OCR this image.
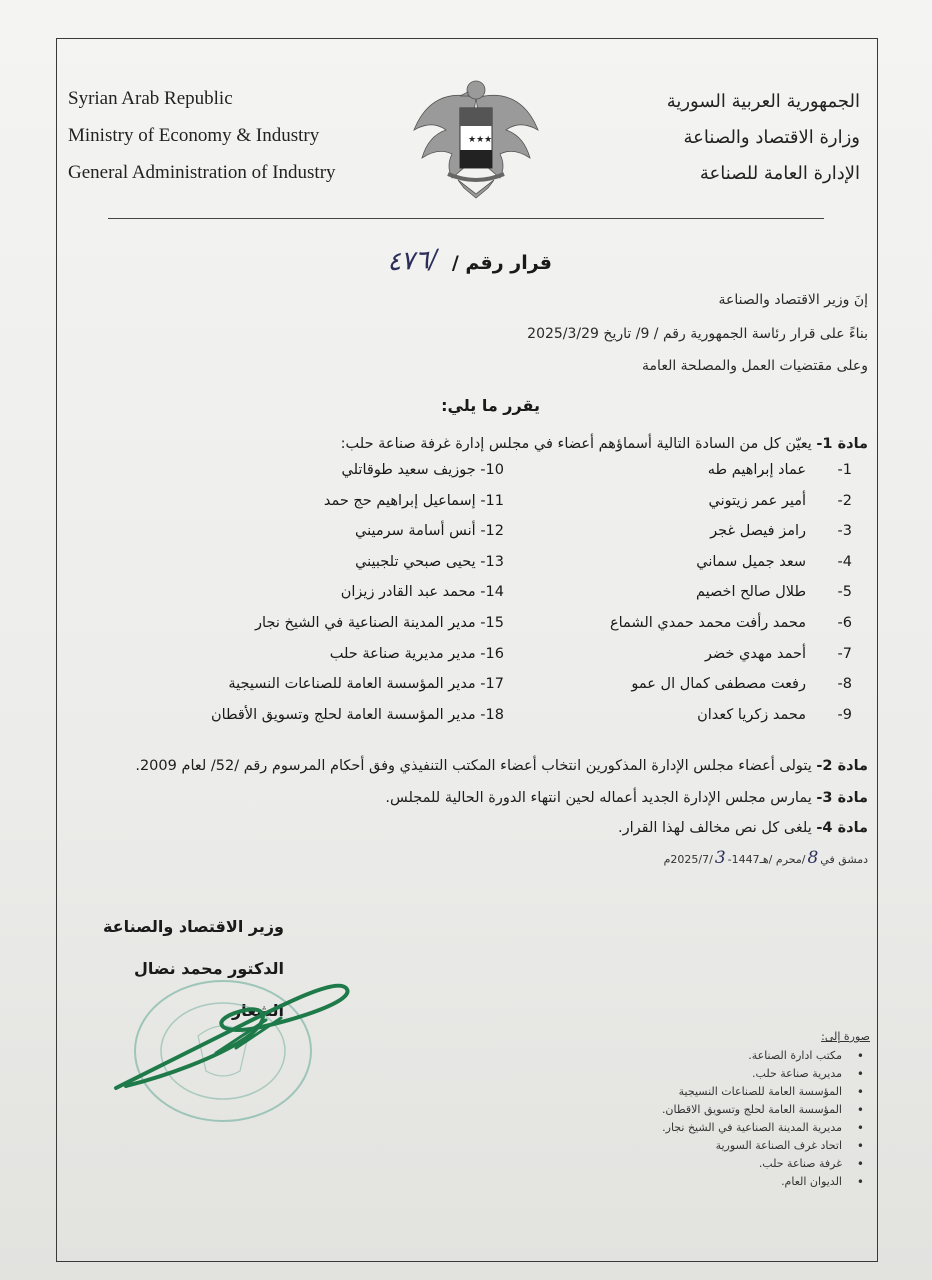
Syrian Arab Republic
Ministry of Economy & Industry
General Administration of Industry
★★★
الجمهورية العربية السورية
وزارة الاقتصاد والصناعة
الإدارة العامة للصناعة
قرار رقم /
/٤٧٦
إنَ وزير الاقتصاد والصناعة
بناءً على قرار رئاسة الجمهورية رقم / 9/ تاريخ 2025/3/29
وعلى مقتضيات العمل والمصلحة العامة
يقرر ما يلي:
مادة 1- يعيّن كل من السادة التالية أسماؤهم أعضاء في مجلس إدارة غرفة صناعة حلب:
1-
عماد إبراهيم طه
2-
أمير عمر زيتوني
3-
رامز فيصل غجر
4-
سعد جميل سماني
5-
طلال صالح اخصيم
6-
محمد رأفت محمد حمدي الشماع
7-
أحمد مهدي خضر
8-
رفعت مصطفى كمال ال عمو
9-
محمد زكريا كعدان
10- جوزيف سعيد طوقاتلي
11- إسماعيل إبراهيم حج حمد
12- أنس أسامة سرميني
13- يحيى صبحي تلجبيني
14- محمد عبد القادر زيزان
15- مدير المدينة الصناعية في الشيخ نجار
16- مدير مديرية صناعة حلب
17- مدير المؤسسة العامة للصناعات النسيجية
18- مدير المؤسسة العامة لحلج وتسويق الأقطان
مادة 2- يتولى أعضاء مجلس الإدارة المذكورين انتخاب أعضاء المكتب التنفيذي وفق أحكام المرسوم رقم /52/ لعام 2009.
مادة 3- يمارس مجلس الإدارة الجديد أعماله لحين انتهاء الدورة الحالية للمجلس.
مادة 4- يلغى كل نص مخالف لهذا القرار.
دمشق في
8
/محرم /هـ1447-
3
/2025/7م
وزير الاقتصاد والصناعة
الدكتور محمد نضال الشعار
صورة إلى:
• مكتب ادارة الصناعة.
• مديرية صناعة حلب.
• المؤسسة العامة للصناعات النسيجية
• المؤسسة العامة لحلج وتسويق الاقطان.
• مديرية المدينة الصناعية في الشيخ نجار.
• اتحاد غرف الصناعة السورية
• غرفة صناعة حلب.
• الديوان العام.
